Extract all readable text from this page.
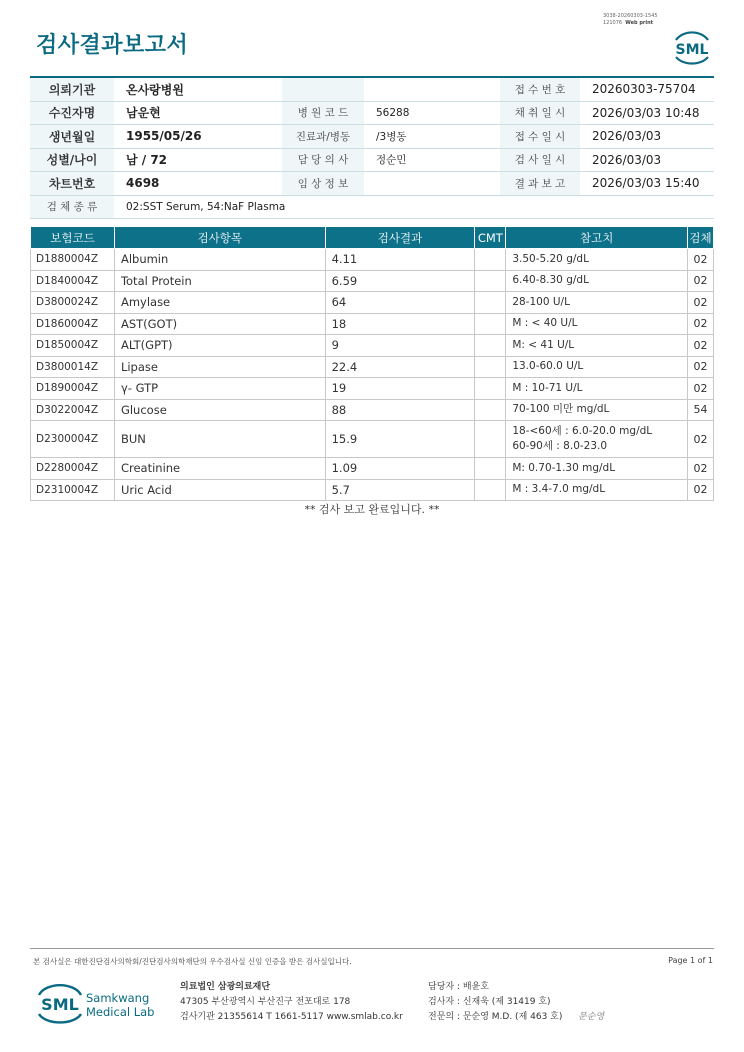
검사결과보고서
3038-20260303-1545
121076 Web print
SML
의뢰기관	온사랑병원			접 수 번 호	20260303-75704
수진자명	남운현	병 원 코 드	56288	채 취 일 시	2026/03/03 10:48
생년월일	1955/05/26	진료과/병동	/3병동	접 수 일 시	2026/03/03
성별/나이	남 / 72	담 당 의 사	정순민	검 사 일 시	2026/03/03
차트번호	4698	임 상 정 보		결 과 보 고	2026/03/03 15:40
검 체 종 류	02:SST Serum, 54:NaF Plasma				
보험코드	검사항목	검사결과	CMT	참고치	검체
D1880004Z	Albumin	4.11		3.50-5.20 g/dL	02
D1840004Z	Total Protein	6.59		6.40-8.30 g/dL	02
D3800024Z	Amylase	64		28-100 U/L	02
D1860004Z	AST(GOT)	18		M : < 40 U/L	02
D1850004Z	ALT(GPT)	9		M: < 41 U/L	02
D3800014Z	Lipase	22.4		13.0-60.0 U/L	02
D1890004Z	γ- GTP	19		M : 10-71 U/L	02
D3022004Z	Glucose	88		70-100 미만 mg/dL	54
D2300004Z	BUN	15.9		18-<60세 : 6.0-20.0 mg/dL
60-90세 : 8.0-23.0	02
D2280004Z	Creatinine	1.09		M: 0.70-1.30 mg/dL	02
D2310004Z	Uric Acid	5.7		M : 3.4-7.0 mg/dL	02
** 검사 보고 완료입니다. **
본 검사실은 대한진단검사의학회/진단검사의학재단의 우수검사실 신임 인증을 받은 검사실입니다.	Page 1 of 1
SML Samkwang
Medical Lab
의료법인 삼광의료재단
47305 부산광역시 부산진구 전포대로 178
검사기관 21355614 T 1661-5117 www.smlab.co.kr
담당자 : 배윤호
검사자 : 신재욱 (제 31419 호)
전문의 : 문순영 M.D. (제 463 호) 문순영
